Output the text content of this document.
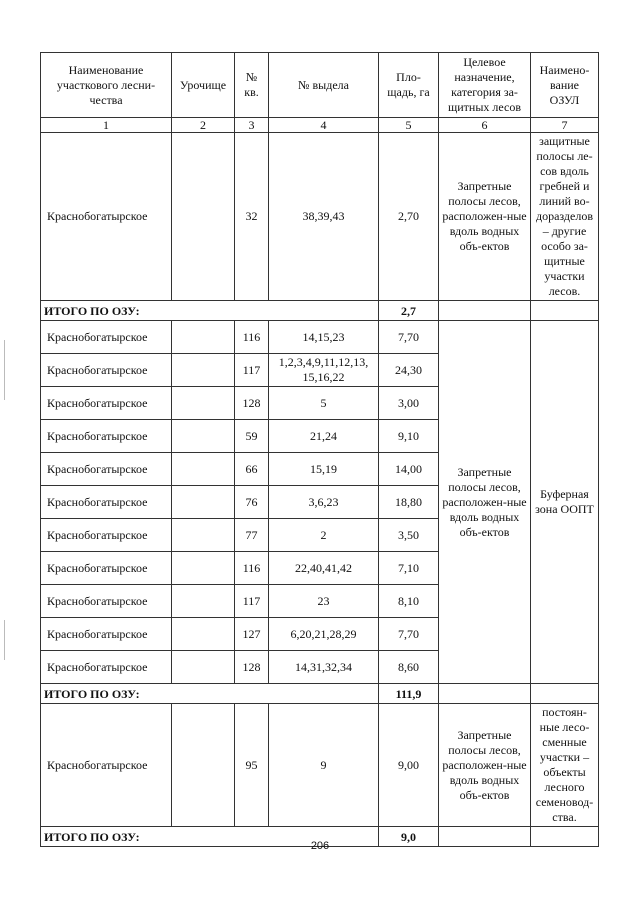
Наименование участкового лесни-чества	Урочище	№ кв.	№ выдела	Пло-щадь, га	Целевое назначение, категория за-щитных лесов	Наимено-вание ОЗУЛ
1	2	3	4	5	6	7
Краснобогатырское		32	38,39,43	2,70	Запретные полосы лесов, расположен-ные вдоль водных объ-ектов	защитные полосы ле-сов вдоль гребней и линий во-доразделов – другие особо за-щитные участки лесов.
ИТОГО ПО ОЗУ:				2,7		
Краснобогатырское		116	14,15,23	7,70	Запретные полосы лесов, расположен-ные вдоль водных объ-ектов	Буферная зона ООПТ
Краснобогатырское		117	1,2,3,4,9,11,12,13, 15,16,22	24,30		
Краснобогатырское		128	5	3,00		
Краснобогатырское		59	21,24	9,10		
Краснобогатырское		66	15,19	14,00		
Краснобогатырское		76	3,6,23	18,80		
Краснобогатырское		77	2	3,50		
Краснобогатырское		116	22,40,41,42	7,10		
Краснобогатырское		117	23	8,10		
Краснобогатырское		127	6,20,21,28,29	7,70		
Краснобогатырское		128	14,31,32,34	8,60		
ИТОГО ПО ОЗУ:				111,9		
Краснобогатырское		95	9	9,00	Запретные полосы лесов, расположен-ные вдоль водных объ-ектов	постоян-ные лесо-сменные участки – объекты лесного семеновод-ства.
ИТОГО ПО ОЗУ:				9,0		
206
